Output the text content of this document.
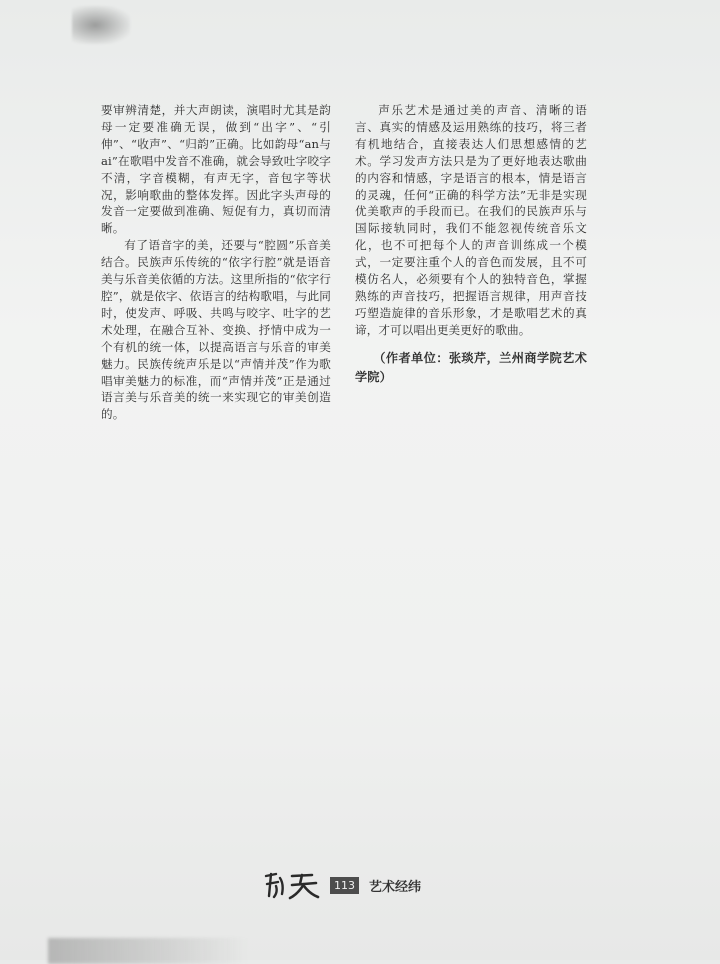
要审辨清楚，并大声朗读，演唱时尤其是韵母一定要准确无误，做到“出字”、“引伸”、“收声”、“归韵”正确。比如韵母“an与ai”在歌唱中发音不准确，就会导致吐字咬字不清，字音模糊，有声无字，音包字等状况，影响歌曲的整体发挥。因此字头声母的发音一定要做到准确、短促有力，真切而清晰。

有了语音字的美，还要与“腔圆”乐音美结合。民族声乐传统的“依字行腔”就是语音美与乐音美依循的方法。这里所指的“依字行腔”，就是依字、依语言的结构歌唱，与此同时，使发声、呼吸、共鸣与咬字、吐字的艺术处理，在融合互补、变换、抒情中成为一个有机的统一体，以提高语言与乐音的审美魅力。民族传统声乐是以“声情并茂”作为歌唱审美魅力的标准，而“声情并茂”正是通过语言美与乐音美的统一来实现它的审美创造的。

声乐艺术是通过美的声音、清晰的语言、真实的情感及运用熟练的技巧，将三者有机地结合，直接表达人们思想感情的艺术。学习发声方法只是为了更好地表达歌曲的内容和情感，字是语言的根本，情是语言的灵魂，任何“正确的科学方法”无非是实现优美歌声的手段而已。在我们的民族声乐与国际接轨同时，我们不能忽视传统音乐文化，也不可把每个人的声音训练成一个模式，一定要注重个人的音色而发展，且不可模仿名人，必须要有个人的独特音色，掌握熟练的声音技巧，把握语言规律，用声音技巧塑造旋律的音乐形象，才是歌唱艺术的真谛，才可以唱出更美更好的歌曲。

（作者单位：张琰芹，兰州商学院艺术学院）

113	艺术经纬
